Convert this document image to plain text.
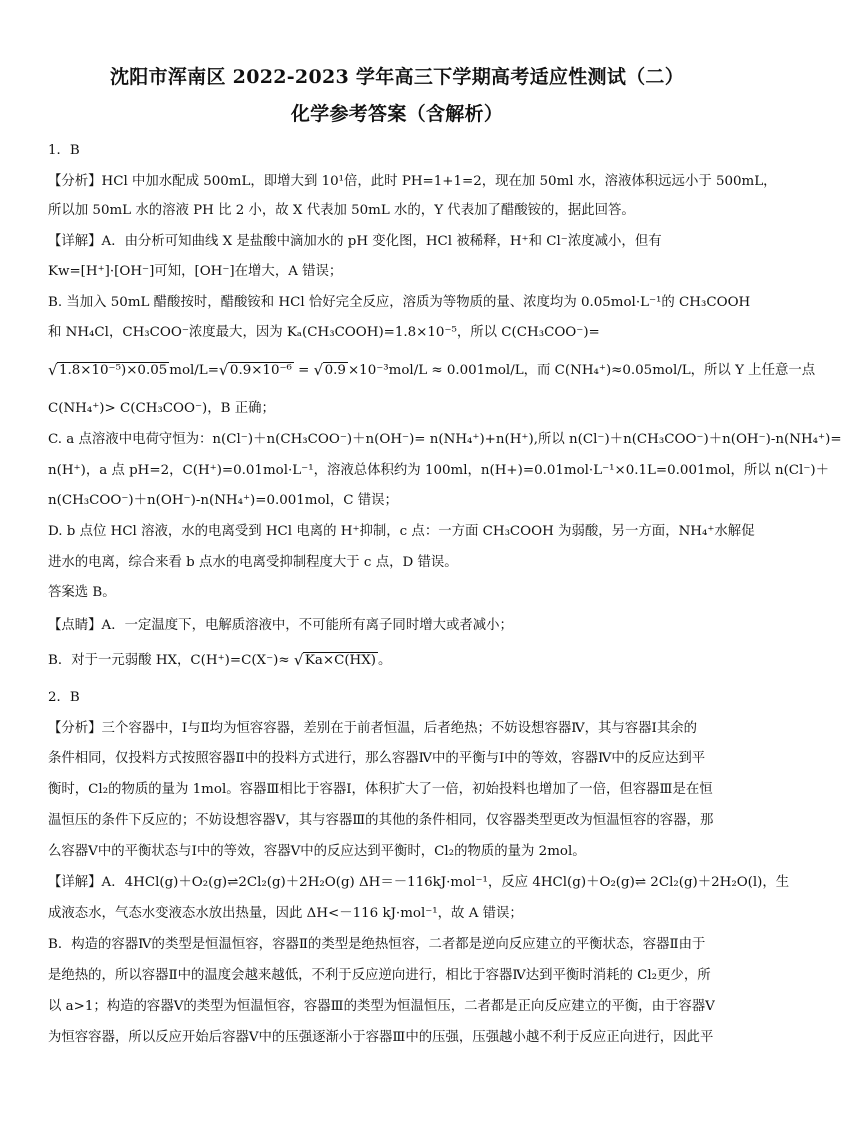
沈阳市浑南区 2022-2023 学年高三下学期高考适应性测试（二）
化学参考答案（含解析）
1．B
【分析】HCl 中加水配成 500mL，即增大到 10¹倍，此时 PH=1+1=2，现在加 50ml 水，溶液体积远远小于 500mL，
所以加 50mL 水的溶液 PH 比 2 小，故 X 代表加 50mL 水的，Y 代表加了醋酸铵的，据此回答。
【详解】A．由分析可知曲线 X 是盐酸中滴加水的 pH 变化图，HCl 被稀释，H⁺和 Cl⁻浓度减小，但有
Kw=[H⁺]·[OH⁻]可知，[OH⁻]在增大，A 错误；
B. 当加入 50mL 醋酸按时，醋酸铵和 HCl 恰好完全反应，溶质为等物质的量、浓度均为 0.05mol·L⁻¹的 CH₃COOH
和 NH₄Cl，CH₃COO⁻浓度最大，因为 Kₐ(CH₃COOH)=1.8×10⁻⁵，所以 C(CH₃COO⁻)=
√ 1.8×10⁻⁵)×0.05 mol/L=√ 0.9×10⁻⁶ = √ 0.9 ×10⁻³mol/L ≈ 0.001mol/L，而 C(NH₄⁺)≈0.05mol/L，所以 Y 上任意一点
C(NH₄⁺)> C(CH₃COO⁻)，B 正确；
C. a 点溶液中电荷守恒为：n(Cl⁻)＋n(CH₃COO⁻)＋n(OH⁻)= n(NH₄⁺)+n(H⁺),所以 n(Cl⁻)＋n(CH₃COO⁻)＋n(OH⁻)-n(NH₄⁺)=
n(H⁺)，a 点 pH=2，C(H⁺)=0.01mol·L⁻¹，溶液总体积约为 100ml，n(H+)=0.01mol·L⁻¹×0.1L=0.001mol，所以 n(Cl⁻)＋
n(CH₃COO⁻)＋n(OH⁻)-n(NH₄⁺)=0.001mol，C 错误；
D. b 点位 HCl 溶液，水的电离受到 HCl 电离的 H⁺抑制，c 点：一方面 CH₃COOH 为弱酸，另一方面，NH₄⁺水解促
进水的电离，综合来看 b 点水的电离受抑制程度大于 c 点，D 错误。
答案选 B。
【点睛】A．一定温度下，电解质溶液中，不可能所有离子同时增大或者减小；
B．对于一元弱酸 HX，C(H⁺)=C(X⁻)≈ √ Ka×C(HX) 。
2．B
【分析】三个容器中，Ⅰ与Ⅱ均为恒容容器，差别在于前者恒温，后者绝热；不妨设想容器Ⅳ，其与容器Ⅰ其余的
条件相同，仅投料方式按照容器Ⅱ中的投料方式进行，那么容器Ⅳ中的平衡与Ⅰ中的等效，容器Ⅳ中的反应达到平
衡时，Cl₂的物质的量为 1mol。容器Ⅲ相比于容器Ⅰ，体积扩大了一倍，初始投料也增加了一倍，但容器Ⅲ是在恒
温恒压的条件下反应的；不妨设想容器Ⅴ，其与容器Ⅲ的其他的条件相同，仅容器类型更改为恒温恒容的容器，那
么容器Ⅴ中的平衡状态与Ⅰ中的等效，容器Ⅴ中的反应达到平衡时，Cl₂的物质的量为 2mol。
【详解】A．4HCl(g)＋O₂(g)⇌2Cl₂(g)＋2H₂O(g) ΔH＝－116kJ·mol⁻¹，反应 4HCl(g)＋O₂(g)⇌ 2Cl₂(g)＋2H₂O(l)，生
成液态水，气态水变液态水放出热量，因此 ΔH<－116 kJ·mol⁻¹，故 A 错误；
B．构造的容器Ⅳ的类型是恒温恒容，容器Ⅱ的类型是绝热恒容，二者都是逆向反应建立的平衡状态，容器Ⅱ由于
是绝热的，所以容器Ⅱ中的温度会越来越低，不利于反应逆向进行，相比于容器Ⅳ达到平衡时消耗的 Cl₂更少，所
以 a>1；构造的容器Ⅴ的类型为恒温恒容，容器Ⅲ的类型为恒温恒压，二者都是正向反应建立的平衡，由于容器Ⅴ
为恒容容器，所以反应开始后容器Ⅴ中的压强逐渐小于容器Ⅲ中的压强，压强越小越不利于反应正向进行，因此平
